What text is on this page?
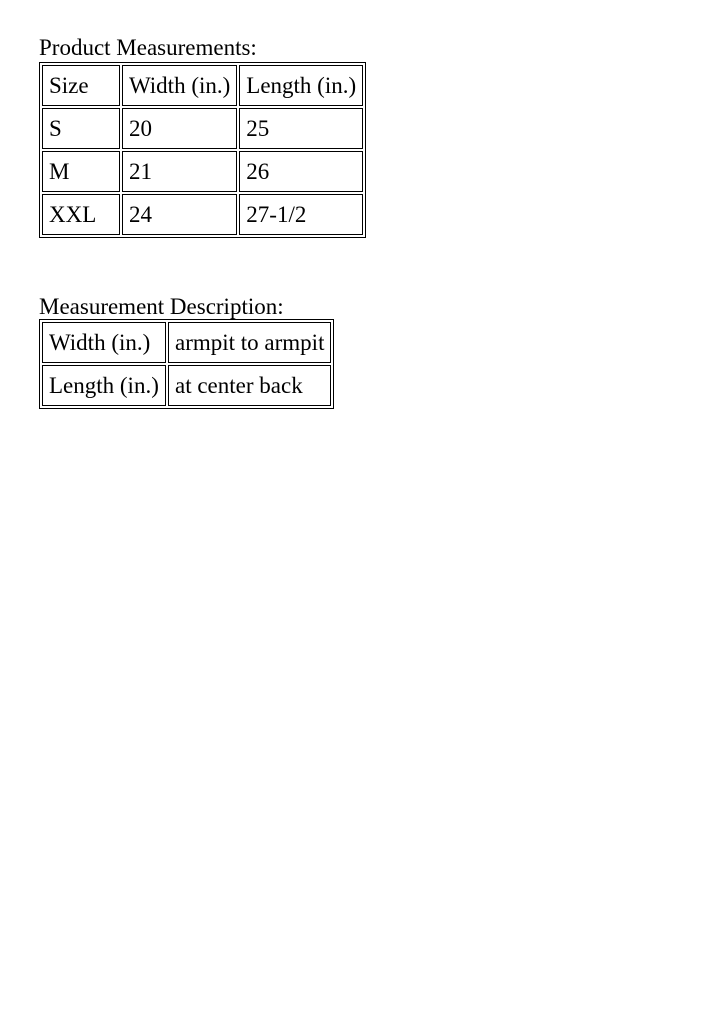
Product Measurements:
Size	Width (in.)	Length (in.)
S	20	25
M	21	26
XXL	24	27-1/2
Measurement Description:
Width (in.)	armpit to armpit
Length (in.)	at center back
